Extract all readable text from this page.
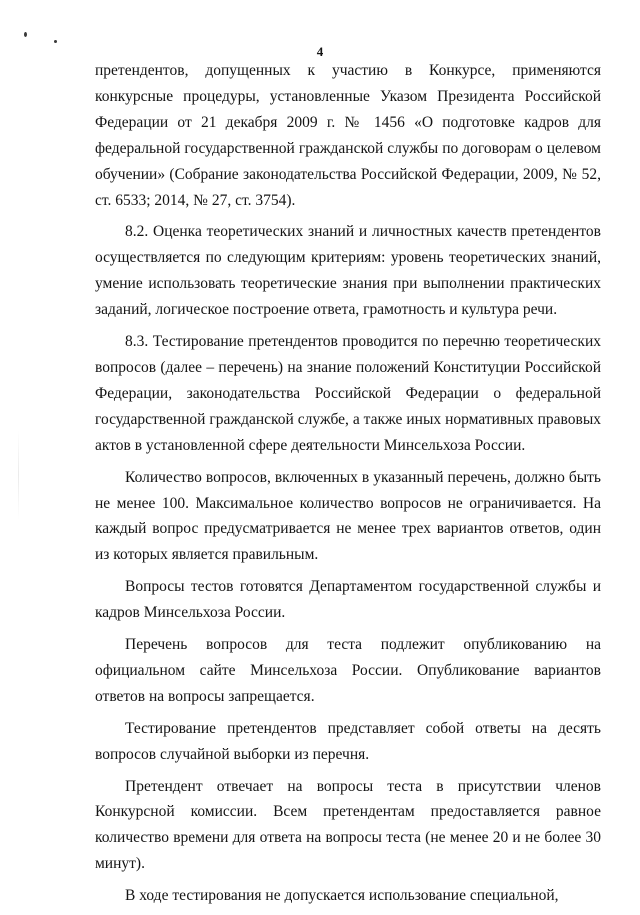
4

претендентов, допущенных к участию в Конкурсе, применяются конкурсные процедуры, установленные Указом Президента Российской Федерации от 21 декабря 2009 г. № 1456 «О подготовке кадров для федеральной государственной гражданской службы по договорам о целевом обучении» (Собрание законодательства Российской Федерации, 2009, № 52, ст. 6533; 2014, № 27, ст. 3754).

8.2. Оценка теоретических знаний и личностных качеств претендентов осуществляется по следующим критериям: уровень теоретических знаний, умение использовать теоретические знания при выполнении практических заданий, логическое построение ответа, грамотность и культура речи.

8.3. Тестирование претендентов проводится по перечню теоретических вопросов (далее – перечень) на знание положений Конституции Российской Федерации, законодательства Российской Федерации о федеральной государственной гражданской службе, а также иных нормативных правовых актов в установленной сфере деятельности Минсельхоза России.

Количество вопросов, включенных в указанный перечень, должно быть не менее 100. Максимальное количество вопросов не ограничивается. На каждый вопрос предусматривается не менее трех вариантов ответов, один из которых является правильным.

Вопросы тестов готовятся Департаментом государственной службы и кадров Минсельхоза России.

Перечень вопросов для теста подлежит опубликованию на официальном сайте Минсельхоза России. Опубликование вариантов ответов на вопросы запрещается.

Тестирование претендентов представляет собой ответы на десять вопросов случайной выборки из перечня.

Претендент отвечает на вопросы теста в присутствии членов Конкурсной комиссии. Всем претендентам предоставляется равное количество времени для ответа на вопросы теста (не менее 20 и не более 30 минут).

В ходе тестирования не допускается использование специальной,
